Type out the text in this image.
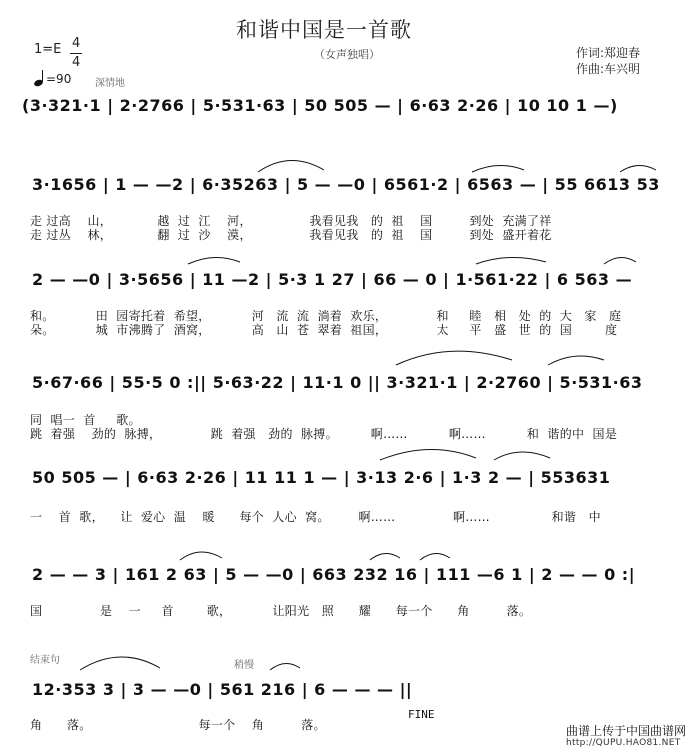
和谐中国是一首歌
（女声独唱）	作词:郑迎春
作曲:车兴明
1=E 4
4
=90 深情地
(3·321·1 | 2·2766 | 5·531·63 | 50 505 — | 6·63 2·26 | 10 10 1 —)
3·1656 | 1 — —2 | 6·35263 | 5 — —0 | 6561·2 | 6563 — | 55 6613 53
走 过高    山，           越  过  江    河，              我看见我   的  祖    国         到处  充满了祥
走 过丛    林，           翻  过  沙    漠，              我看见我   的  祖    国         到处  盛开着花
2 — —0 | 3·5656 | 11 —2 | 5·3 1 27 | 66 — 0 | 1·561·22 | 6 563 —
和。          田  园寄托着  希望，          河   流  流  淌着  欢乐，            和     睦   相   处  的  大   家   庭
朵。          城  市沸腾了  酒窝，          高   山  苍  翠着  祖国，            太     平   盛   世  的  国        度
5·67·66 | 55·5 0 :|| 5·63·22 | 11·1 0 || 3·321·1 | 2·2760 | 5·531·63
同  唱一  首     歌。
跳  着强    劲的  脉搏，            跳  着强   劲的  脉搏。        啊……          啊……          和  谐的中  国是
50 505 — | 6·63 2·26 | 11 11 1 — | 3·13 2·6 | 1·3 2 — | 553631
一    首  歌，    让  爱心  温    暖      每个  人心  窝。       啊……              啊……               和谐   中
2 — — 3 | 161 2 63 | 5 — —0 | 663 232 16 | 111 —6 1 | 2 — — 0 :|
国              是    一     首        歌，          让阳光   照      耀      每一个      角         落。
结束句	稍慢
12·353 3 | 3 — —0 | 561 216 | 6 — — — ||
FINE
角      落。                          每一个    角         落。	曲谱上传于中国曲谱网
http://QUPU.HAO81.NET
